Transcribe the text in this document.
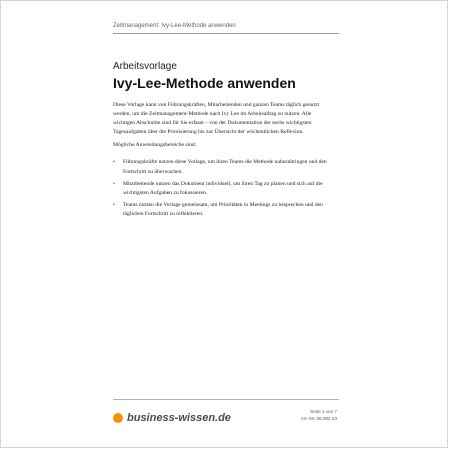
Zeitmanagement: Ivy-Lee-Methode anwenden
Arbeitsvorlage
Ivy-Lee-Methode anwenden

Diese Vorlage kann von Führungskräften, Mitarbeitenden und ganzen Teams täglich genutzt werden, um die Zeitmanagement-Methode nach Ivy Lee im Arbeitsalltag zu nutzen. Alle wichtigen Abschnitte sind für Sie erfasst – von der Dokumentation der sechs wichtigsten Tagesaufgaben über die Priorisierung bis zur Übersicht der wöchentlichen Reflexion.

Mögliche Anwendungsbereiche sind:

• Führungskräfte nutzen diese Vorlage, um ihren Teams die Methode nahezubringen und den Fortschritt zu überwachen.
• Mitarbeitende nutzen das Dokument individuell, um ihren Tag zu planen und sich auf die wichtigsten Aufgaben zu fokussieren.
• Teams nutzen die Vorlage gemeinsam, um Prioritäten in Meetings zu besprechen und den täglichen Fortschritt zu reflektieren.
business-wissen.de
Seite 1 von 7
Art.-Nr. 06.002.23
